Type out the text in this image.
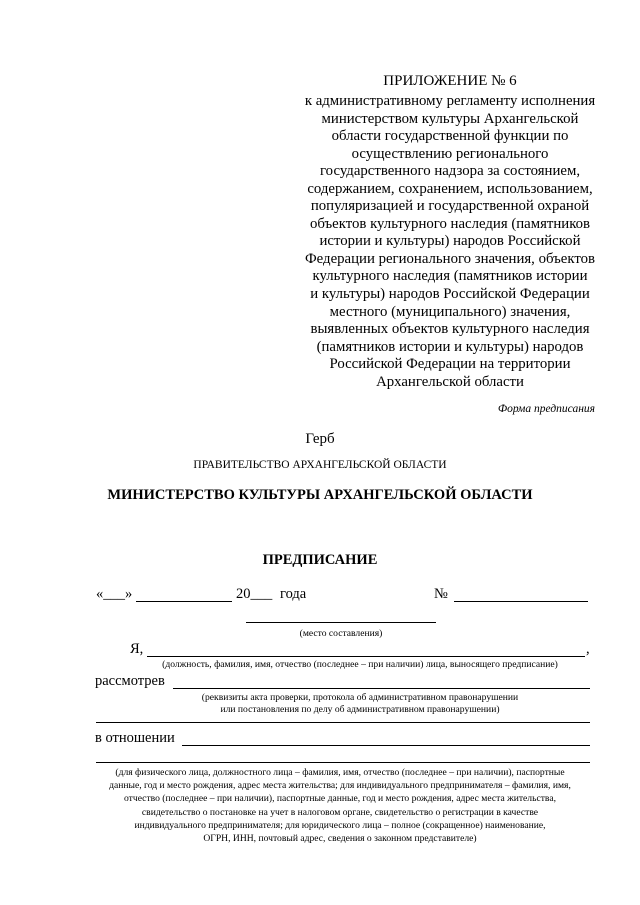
ПРИЛОЖЕНИЕ № 6
к административному регламенту исполнения
министерством культуры Архангельской
области государственной функции по
осуществлению регионального
государственного надзора за состоянием,
содержанием, сохранением, использованием,
популяризацией и государственной охраной
объектов культурного наследия (памятников
истории и культуры) народов Российской
Федерации регионального значения, объектов
культурного наследия (памятников истории
и культуры) народов Российской Федерации
местного (муниципального) значения,
выявленных объектов культурного наследия
(памятников истории и культуры) народов
Российской Федерации на территории
Архангельской области
Форма предписания
Герб
ПРАВИТЕЛЬСТВО АРХАНГЕЛЬСКОЙ ОБЛАСТИ
МИНИСТЕРСТВО КУЛЬТУРЫ АРХАНГЕЛЬСКОЙ ОБЛАСТИ
ПРЕДПИСАНИЕ
«___»	20___ года	№
(место составления)
Я,	,
(должность, фамилия, имя, отчество (последнее – при наличии) лица, выносящего предписание)
рассмотрев
(реквизиты акта проверки, протокола об административном правонарушении
или постановления по делу об административном правонарушении)
в отношении
(для физического лица, должностного лица – фамилия, имя, отчество (последнее – при наличии), паспортные
данные, год и место рождения, адрес места жительства; для индивидуального предпринимателя – фамилия, имя,
отчество (последнее – при наличии), паспортные данные, год и место рождения, адрес места жительства,
свидетельство о постановке на учет в налоговом органе, свидетельство о регистрации в качестве
индивидуального предпринимателя; для юридического лица – полное (сокращенное) наименование,
ОГРН, ИНН, почтовый адрес, сведения о законном представителе)
